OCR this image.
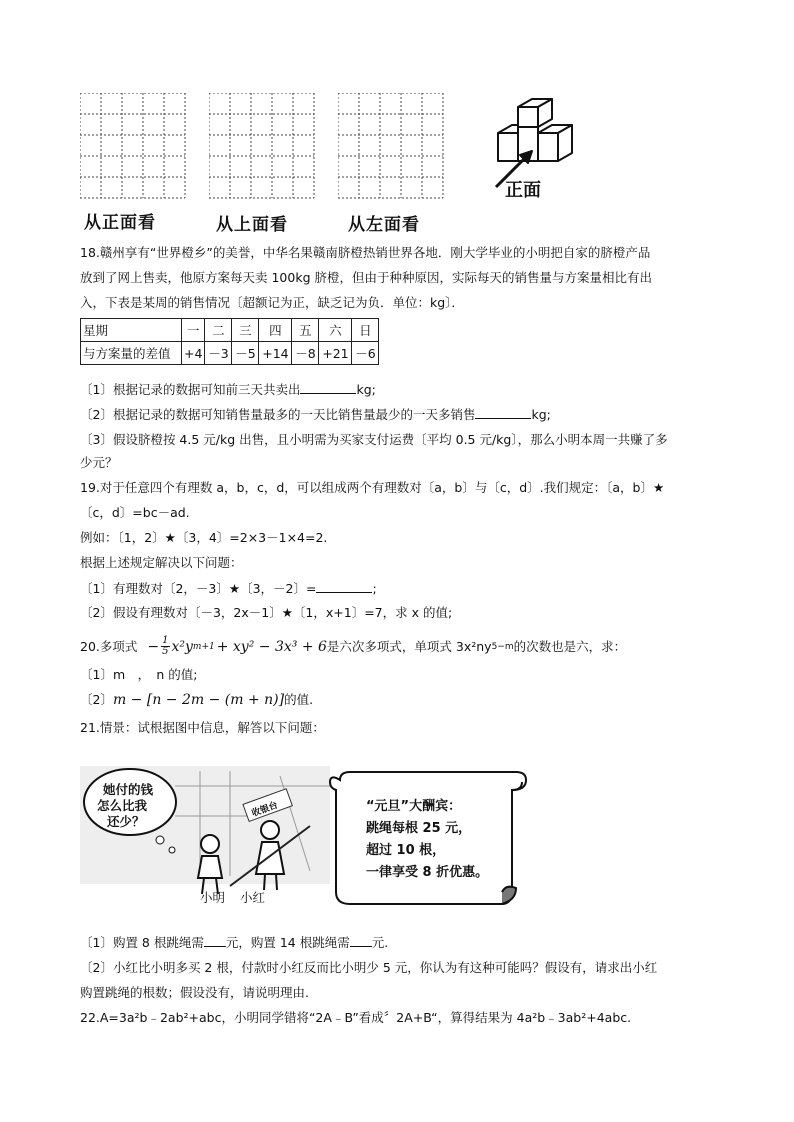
从正面看	从上面看	从左面看
正面
18.赣州享有“世界橙乡”的美誉，中华名果赣南脐橙热销世界各地．刚大学毕业的小明把自家的脐橙产品
放到了网上售卖，他原方案每天卖 100kg 脐橙，但由于种种原因，实际每天的销售量与方案量相比有出
入，下表是某周的销售情况〔超额记为正，缺乏记为负．单位：kg〕．
星期	一	二	三	四	五	六	日
与方案量的差值	+4	－3	－5	+14	－8	+21	－6
〔1〕根据记录的数据可知前三天共卖出	kg;
〔2〕根据记录的数据可知销售量最多的一天比销售量最少的一天多销售	kg;
〔3〕假设脐橙按 4.5 元/kg 出售，且小明需为买家支付运费〔平均 0.5 元/kg〕，那么小明本周一共赚了多
少元？
19.对于任意四个有理数 a，b，c，d，可以组成两个有理数对〔a，b〕与〔c，d〕.我们规定：〔a，b〕★
〔c，d〕=bc－ad.
例如：〔1，2〕★〔3，4〕=2×3－1×4=2.
根据上述规定解决以下问题：
〔1〕有理数对〔2，－3〕★〔3，－2〕=	;
〔2〕假设有理数对〔－3，2x－1〕★〔1，x+1〕=7，求 x 的值;
20.多项式 − $\frac{1}{5} x^2y$ m+1 + xy² − 3x³ + 6 是六次多项式，单项式 3x²ny 5−m 的次数也是六，求：
〔1〕m　，　n 的值;
〔2〕m − [n − 2m − (m + n)]的值.
21.情景：试根据图中信息，解答以下问题：
她付的钱
怎么比我
还少？
收银台
小明 小红
“元旦”大酬宾：
跳绳每根 25 元，
超过 10 根，
一律享受 8 折优惠。
〔1〕购置 8 根跳绳需 元，购置 14 根跳绳需 元.
〔2〕小红比小明多买 2 根，付款时小红反而比小明少 5 元，你认为有这种可能吗？假设有，请求出小红
购置跳绳的根数；假设没有，请说明理由.
22.A=3a²b﹣2ab²+abc，小明同学错将“2A﹣B”看成〞2A+B“，算得结果为 4a²b﹣3ab²+4abc.
